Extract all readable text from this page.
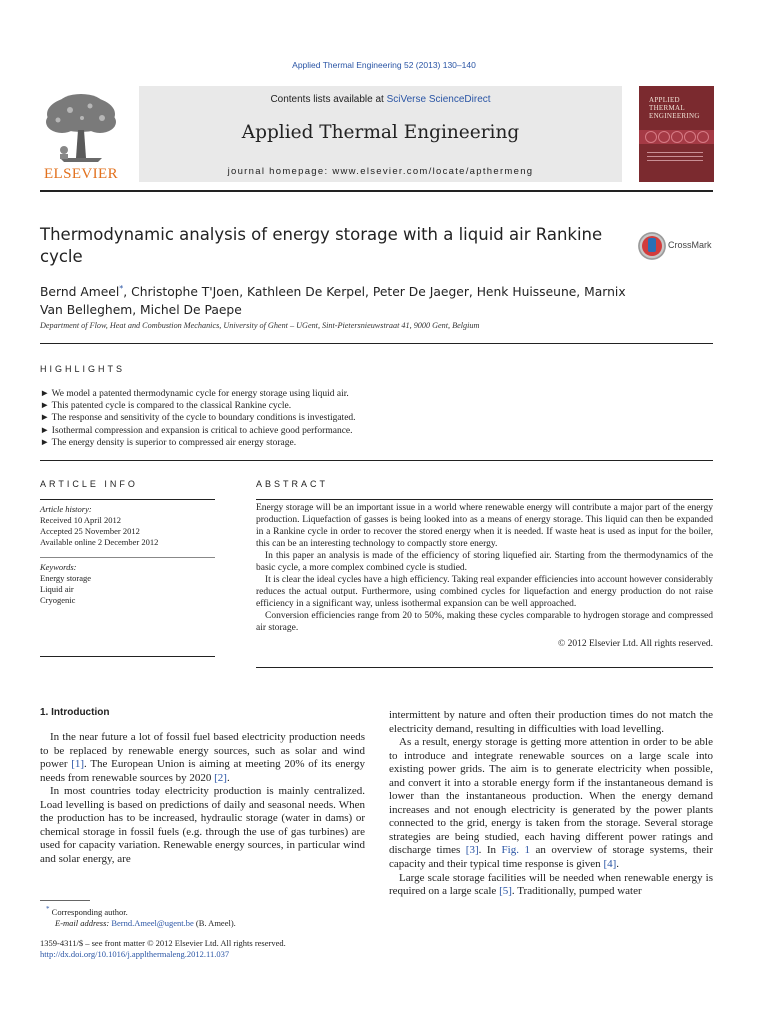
Applied Thermal Engineering 52 (2013) 130–140
ELSEVIER
Contents lists available at SciVerse ScienceDirect
Applied Thermal Engineering
journal homepage: www.elsevier.com/locate/apthermeng
APPLIED
THERMAL
ENGINEERING
Thermodynamic analysis of energy storage with a liquid air Rankine cycle
CrossMark
Bernd Ameel*, Christophe T'Joen, Kathleen De Kerpel, Peter De Jaeger, Henk Huisseune, Marnix Van Belleghem, Michel De Paepe
Department of Flow, Heat and Combustion Mechanics, University of Ghent – UGent, Sint-Pietersnieuwstraat 41, 9000 Gent, Belgium
HIGHLIGHTS
► We model a patented thermodynamic cycle for energy storage using liquid air.
► This patented cycle is compared to the classical Rankine cycle.
► The response and sensitivity of the cycle to boundary conditions is investigated.
► Isothermal compression and expansion is critical to achieve good performance.
► The energy density is superior to compressed air energy storage.
ARTICLE INFO	ABSTRACT
Article history:
Received 10 April 2012
Accepted 25 November 2012
Available online 2 December 2012
Keywords:
Energy storage
Liquid air
Cryogenic

Energy storage will be an important issue in a world where renewable energy will contribute a major part of the energy production. Liquefaction of gasses is being looked into as a means of energy storage. This liquid can then be expanded in a Rankine cycle in order to recover the stored energy when it is needed. If waste heat is used as input for the boiler, this can be an interesting technology to compactly store energy.

In this paper an analysis is made of the efficiency of storing liquefied air. Starting from the thermodynamics of the basic cycle, a more complex combined cycle is studied.

It is clear the ideal cycles have a high efficiency. Taking real expander efficiencies into account however considerably reduces the actual output. Furthermore, using combined cycles for liquefaction and energy production do not raise efficiency in a significant way, unless isothermal expansion can be well approached.

Conversion efficiencies range from 20 to 50%, making these cycles comparable to hydrogen storage and compressed air storage.

© 2012 Elsevier Ltd. All rights reserved.

1. Introduction

In the near future a lot of fossil fuel based electricity production needs to be replaced by renewable energy sources, such as solar and wind power [1]. The European Union is aiming at meeting 20% of its energy needs from renewable sources by 2020 [2].

In most countries today electricity production is mainly centralized. Load levelling is based on predictions of daily and seasonal needs. When the production has to be increased, hydraulic storage (water in dams) or chemical storage in fossil fuels (e.g. through the use of gas turbines) are used for capacity variation. Renewable energy sources, in particular wind and solar energy, are

intermittent by nature and often their production times do not match the electricity demand, resulting in difficulties with load levelling.

As a result, energy storage is getting more attention in order to be able to introduce and integrate renewable sources on a large scale into existing power grids. The aim is to generate electricity when possible, and convert it into a storable energy form if the instantaneous demand is lower than the instantaneous production. When the energy demand increases and not enough electricity is generated by the power plants connected to the grid, energy is taken from the storage. Several storage strategies are being studied, each having different power ratings and discharge times [3]. In Fig. 1 an overview of storage systems, their capacity and their typical time response is given [4].

Large scale storage facilities will be needed when renewable energy is required on a large scale [5]. Traditionally, pumped water

* Corresponding author.
E-mail address: Bernd.Ameel@ugent.be (B. Ameel).
1359-4311/$ – see front matter © 2012 Elsevier Ltd. All rights reserved.
http://dx.doi.org/10.1016/j.applthermaleng.2012.11.037
